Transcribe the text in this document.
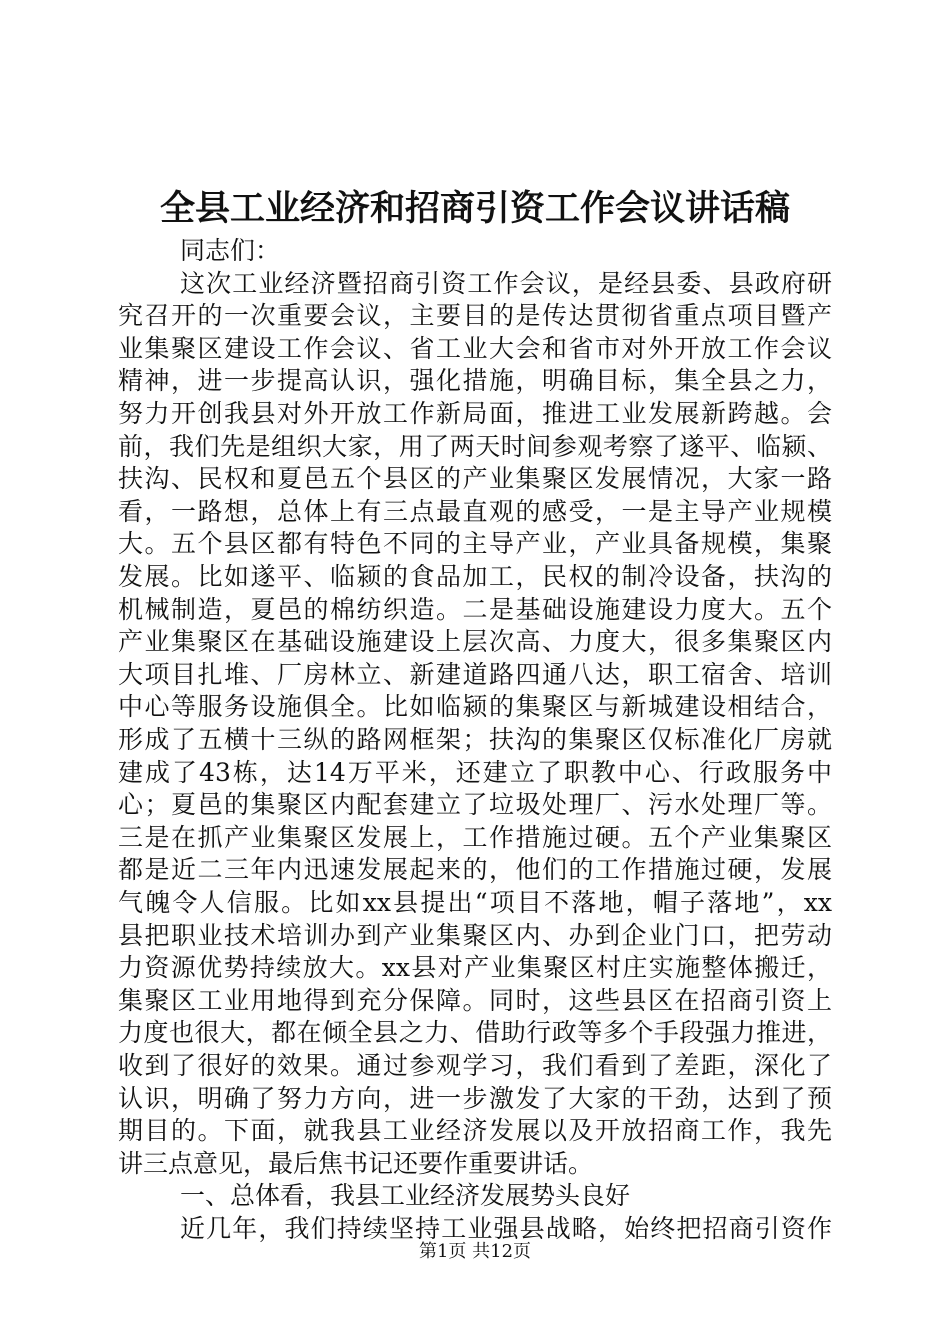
全县工业经济和招商引资工作会议讲话稿
同志们：
这次工业经济暨招商引资工作会议，是经县委、县政府研
究召开的一次重要会议，主要目的是传达贯彻省重点项目暨产
业集聚区建设工作会议、省工业大会和省市对外开放工作会议
精神，进一步提高认识，强化措施，明确目标，集全县之力，
努力开创我县对外开放工作新局面，推进工业发展新跨越。会
前，我们先是组织大家，用了两天时间参观考察了遂平、临颍、
扶沟、民权和夏邑五个县区的产业集聚区发展情况，大家一路
看，一路想，总体上有三点最直观的感受，一是主导产业规模
大。五个县区都有特色不同的主导产业，产业具备规模，集聚
发展。比如遂平、临颍的食品加工，民权的制冷设备，扶沟的
机械制造，夏邑的棉纺织造。二是基础设施建设力度大。五个
产业集聚区在基础设施建设上层次高、力度大，很多集聚区内
大项目扎堆、厂房林立、新建道路四通八达，职工宿舍、培训
中心等服务设施俱全。比如临颍的集聚区与新城建设相结合，
形成了五横十三纵的路网框架；扶沟的集聚区仅标准化厂房就
建成了43栋，达14万平米，还建立了职教中心、行政服务中
心；夏邑的集聚区内配套建立了垃圾处理厂、污水处理厂等。
三是在抓产业集聚区发展上，工作措施过硬。五个产业集聚区
都是近二三年内迅速发展起来的，他们的工作措施过硬，发展
气魄令人信服。比如xx县提出“项目不落地，帽子落地”，xx
县把职业技术培训办到产业集聚区内、办到企业门口，把劳动
力资源优势持续放大。xx县对产业集聚区村庄实施整体搬迁，
集聚区工业用地得到充分保障。同时，这些县区在招商引资上
力度也很大，都在倾全县之力、借助行政等多个手段强力推进，
收到了很好的效果。通过参观学习，我们看到了差距，深化了
认识，明确了努力方向，进一步激发了大家的干劲，达到了预
期目的。下面，就我县工业经济发展以及开放招商工作，我先
讲三点意见，最后焦书记还要作重要讲话。
一、总体看，我县工业经济发展势头良好
近几年，我们持续坚持工业强县战略，始终把招商引资作
第1页 共12页
